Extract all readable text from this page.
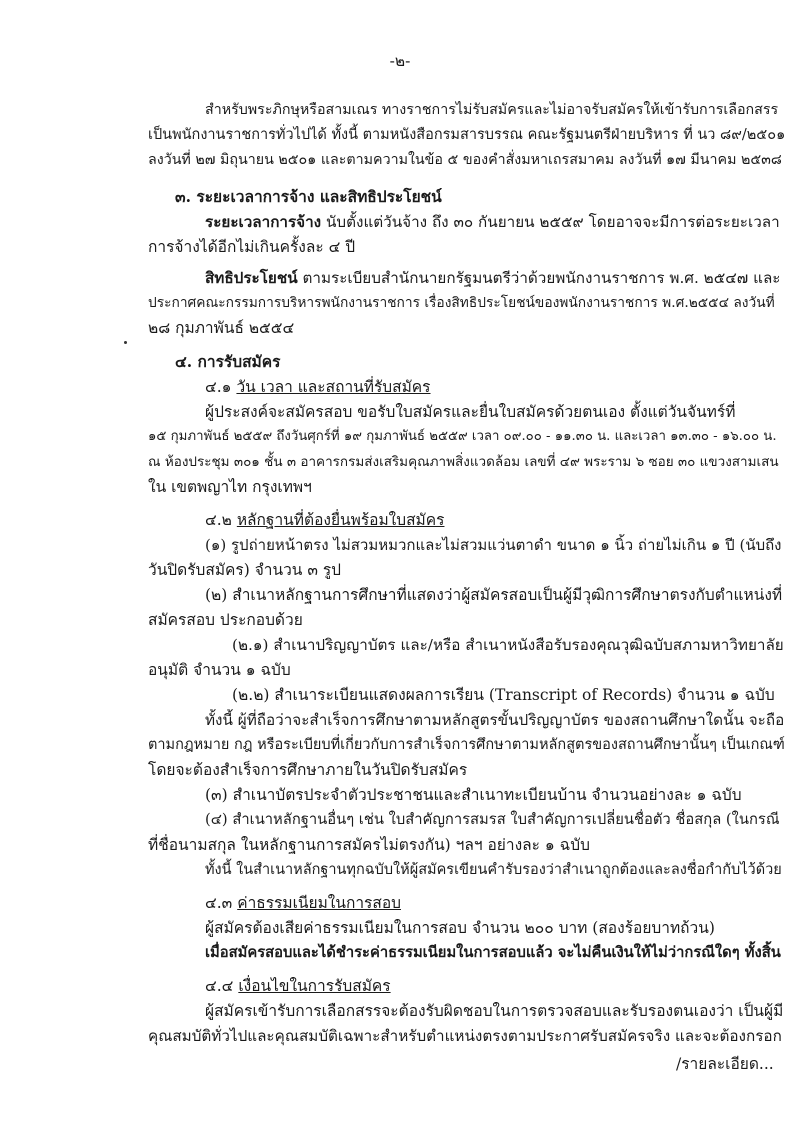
-๒-
สำหรับพระภิกษุหรือสามเณร ทางราชการไม่รับสมัครและไม่อาจรับสมัครให้เข้ารับการเลือกสรร
เป็นพนักงานราชการทั่วไปได้ ทั้งนี้ ตามหนังสือกรมสารบรรณ คณะรัฐมนตรีฝ่ายบริหาร ที่ นว ๘๙/๒๕๐๑
ลงวันที่ ๒๗ มิถุนายน ๒๕๐๑ และตามความในข้อ ๕ ของคำสั่งมหาเถรสมาคม ลงวันที่ ๑๗ มีนาคม ๒๕๓๘
๓. ระยะเวลาการจ้าง และสิทธิประโยชน์
ระยะเวลาการจ้าง นับตั้งแต่วันจ้าง ถึง ๓๐ กันยายน ๒๕๕๙ โดยอาจจะมีการต่อระยะเวลา
การจ้างได้อีกไม่เกินครั้งละ ๔ ปี
สิทธิประโยชน์ ตามระเบียบสำนักนายกรัฐมนตรีว่าด้วยพนักงานราชการ พ.ศ. ๒๕๔๗ และ
ประกาศคณะกรรมการบริหารพนักงานราชการ เรื่องสิทธิประโยชน์ของพนักงานราชการ พ.ศ.๒๕๕๔ ลงวันที่
๒๘ กุมภาพันธ์ ๒๕๕๔
๔. การรับสมัคร
๔.๑ วัน เวลา และสถานที่รับสมัคร
ผู้ประสงค์จะสมัครสอบ ขอรับใบสมัครและยื่นใบสมัครด้วยตนเอง ตั้งแต่วันจันทร์ที่
๑๕ กุมภาพันธ์ ๒๕๕๙ ถึงวันศุกร์ที่ ๑๙ กุมภาพันธ์ ๒๕๕๙ เวลา ๐๙.๐๐ - ๑๑.๓๐ น. และเวลา ๑๓.๓๐ - ๑๖.๐๐ น.
ณ ห้องประชุม ๓๐๑ ชั้น ๓ อาคารกรมส่งเสริมคุณภาพสิ่งแวดล้อม เลขที่ ๔๙ พระราม ๖ ซอย ๓๐ แขวงสามเสน
ใน เขตพญาไท กรุงเทพฯ
๔.๒ หลักฐานที่ต้องยื่นพร้อมใบสมัคร
(๑) รูปถ่ายหน้าตรง ไม่สวมหมวกและไม่สวมแว่นตาดำ ขนาด ๑ นิ้ว ถ่ายไม่เกิน ๑ ปี (นับถึง
วันปิดรับสมัคร) จำนวน ๓ รูป
(๒) สำเนาหลักฐานการศึกษาที่แสดงว่าผู้สมัครสอบเป็นผู้มีวุฒิการศึกษาตรงกับตำแหน่งที่
สมัครสอบ ประกอบด้วย
(๒.๑) สำเนาปริญญาบัตร และ/หรือ สำเนาหนังสือรับรองคุณวุฒิฉบับสภามหาวิทยาลัย
อนุมัติ จำนวน ๑ ฉบับ
(๒.๒) สำเนาระเบียนแสดงผลการเรียน (Transcript of Records) จำนวน ๑ ฉบับ
ทั้งนี้ ผู้ที่ถือว่าจะสำเร็จการศึกษาตามหลักสูตรขั้นปริญญาบัตร ของสถานศึกษาใดนั้น จะถือ
ตามกฎหมาย กฎ หรือระเบียบที่เกี่ยวกับการสำเร็จการศึกษาตามหลักสูตรของสถานศึกษานั้นๆ เป็นเกณฑ์
โดยจะต้องสำเร็จการศึกษาภายในวันปิดรับสมัคร
(๓) สำเนาบัตรประจำตัวประชาชนและสำเนาทะเบียนบ้าน จำนวนอย่างละ ๑ ฉบับ
(๔) สำเนาหลักฐานอื่นๆ เช่น ใบสำคัญการสมรส ใบสำคัญการเปลี่ยนชื่อตัว ชื่อสกุล (ในกรณี
ที่ชื่อนามสกุล ในหลักฐานการสมัครไม่ตรงกัน) ฯลฯ อย่างละ ๑ ฉบับ
ทั้งนี้ ในสำเนาหลักฐานทุกฉบับให้ผู้สมัครเขียนคำรับรองว่าสำเนาถูกต้องและลงชื่อกำกับไว้ด้วย
๔.๓ ค่าธรรมเนียมในการสอบ
ผู้สมัครต้องเสียค่าธรรมเนียมในการสอบ จำนวน ๒๐๐ บาท (สองร้อยบาทถ้วน)
เมื่อสมัครสอบและได้ชำระค่าธรรมเนียมในการสอบแล้ว จะไม่คืนเงินให้ไม่ว่ากรณีใดๆ ทั้งสิ้น
๔.๔ เงื่อนไขในการรับสมัคร
ผู้สมัครเข้ารับการเลือกสรรจะต้องรับผิดชอบในการตรวจสอบและรับรองตนเองว่า เป็นผู้มี
คุณสมบัติทั่วไปและคุณสมบัติเฉพาะสำหรับตำแหน่งตรงตามประกาศรับสมัครจริง และจะต้องกรอก
/รายละเอียด...
